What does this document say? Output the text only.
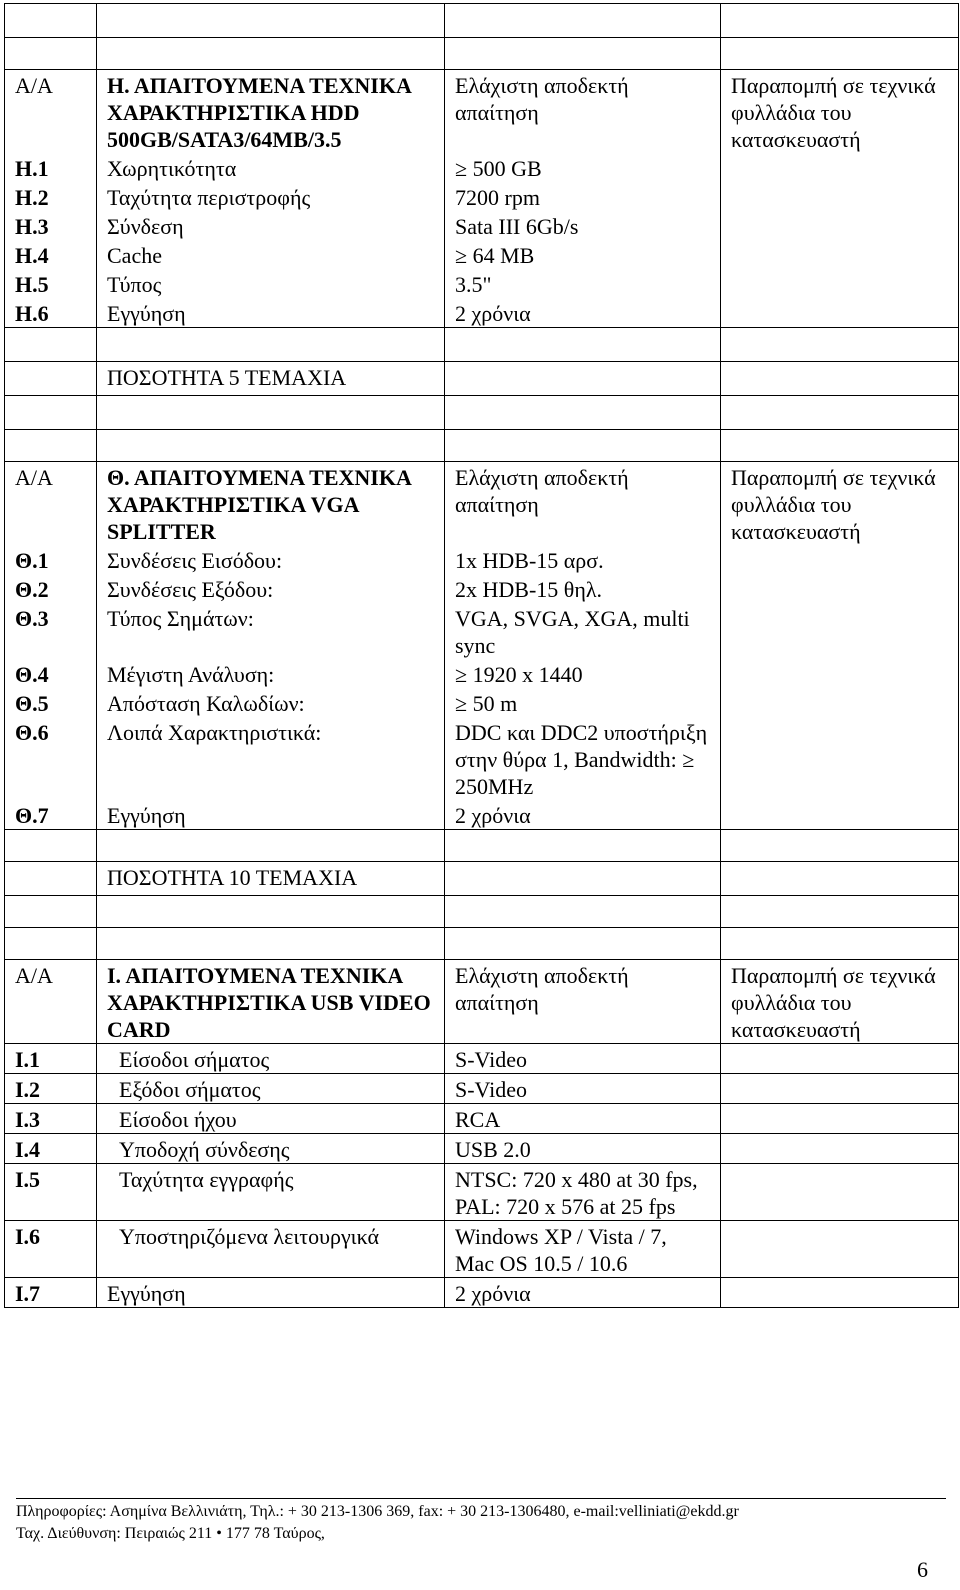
Α/Α	Η. ΑΠΑΙΤΟΥΜΕΝΑ ΤΕΧΝΙΚΑ ΧΑΡΑΚΤΗΡΙΣΤΙΚΑ HDD 500GB/SATA3/64MB/3.5	Ελάχιστη αποδεκτή απαίτηση	Παραπομπή σε τεχνικά φυλλάδια του κατασκευαστή
Η.1	Χωρητικότητα	≥ 500 GB	
Η.2	Ταχύτητα περιστροφής	7200 rpm	
Η.3	Σύνδεση	Sata III 6Gb/s	
Η.4	Cache	≥ 64 MB	
Η.5	Τύπος	3.5"	
Η.6	Εγγύηση	2 χρόνια	

	ΠΟΣΟΤΗΤΑ 5 ΤΕΜΑΧΙΑ		

Α/Α	Θ. ΑΠΑΙΤΟΥΜΕΝΑ ΤΕΧΝΙΚΑ ΧΑΡΑΚΤΗΡΙΣΤΙΚΑ VGA SPLITTER	Ελάχιστη αποδεκτή απαίτηση	Παραπομπή σε τεχνικά φυλλάδια του κατασκευαστή
Θ.1	Συνδέσεις Εισόδου:	1x HDB-15 αρσ.	
Θ.2	Συνδέσεις Εξόδου:	2x HDB-15 θηλ.	
Θ.3	Τύπος Σημάτων:	VGA, SVGA, XGA, multi sync	
Θ.4	Μέγιστη Ανάλυση:	≥ 1920 x 1440	
Θ.5	Απόσταση Καλωδίων:	≥ 50 m	
Θ.6	Λοιπά Χαρακτηριστικά:	DDC και DDC2 υποστήριξη στην θύρα 1, Bandwidth: ≥ 250MHz	
Θ.7	Εγγύηση	2 χρόνια	

	ΠΟΣΟΤΗΤΑ 10 ΤΕΜΑΧΙΑ		

Α/Α	Ι. ΑΠΑΙΤΟΥΜΕΝΑ ΤΕΧΝΙΚΑ ΧΑΡΑΚΤΗΡΙΣΤΙΚΑ USB VIDEO CARD	Ελάχιστη αποδεκτή απαίτηση	Παραπομπή σε τεχνικά φυλλάδια του κατασκευαστή
Ι.1	Είσοδοι σήματος	S-Video	
Ι.2	Εξόδοι σήματος	S-Video	
Ι.3	Είσοδοι ήχου	RCA	
Ι.4	Υποδοχή σύνδεσης	USB 2.0	
Ι.5	Ταχύτητα εγγραφής	NTSC: 720 x 480 at 30 fps, PAL: 720 x 576 at 25 fps	
Ι.6	Υποστηριζόμενα λειτουργικά	Windows XP / Vista / 7, Mac OS 10.5 / 10.6	
Ι.7	Εγγύηση	2 χρόνια	
Πληροφορίες: Ασημίνα Βελλινιάτη, Τηλ.: + 30 213-1306 369, fax: + 30 213-1306480, e-mail:velliniati@ekdd.gr
Ταχ. Διεύθυνση: Πειραιώς 211 • 177 78 Ταύρος,
6
